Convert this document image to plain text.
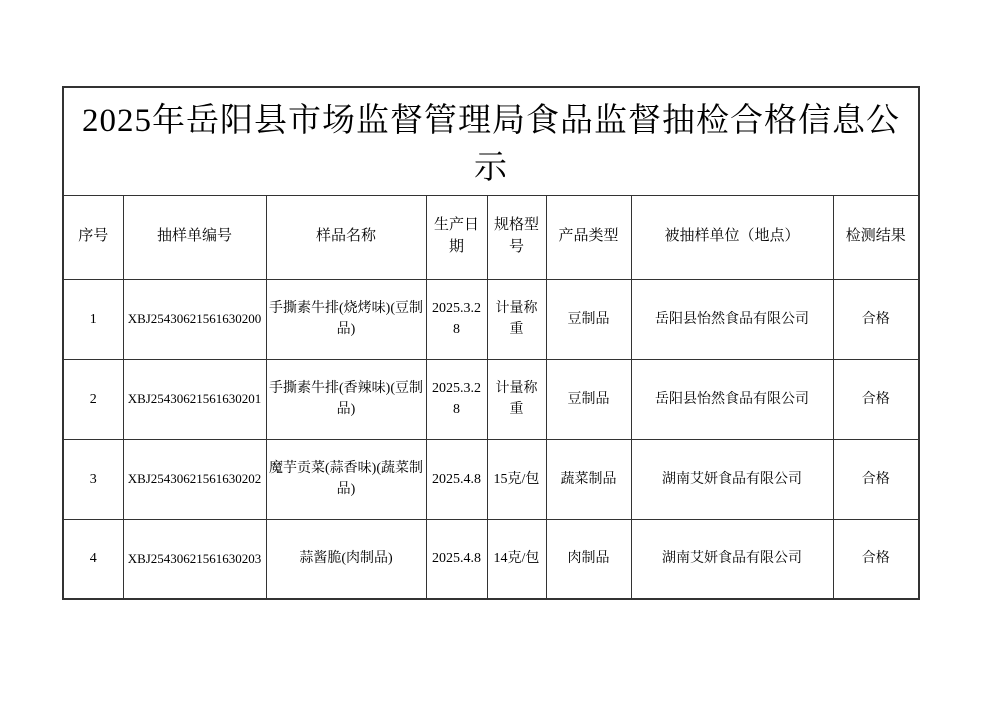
2025年岳阳县市场监督管理局食品监督抽检合格信息公示							
序号	抽样单编号	样品名称	生产日期	规格型号	产品类型	被抽样单位（地点）	检测结果
1	XBJ25430621561630200	手撕素牛排(烧烤味)(豆制品)	2025.3.28	计量称重	豆制品	岳阳县怡然食品有限公司	合格
2	XBJ25430621561630201	手撕素牛排(香辣味)(豆制品)	2025.3.28	计量称重	豆制品	岳阳县怡然食品有限公司	合格
3	XBJ25430621561630202	魔芋贡菜(蒜香味)(蔬菜制品)	2025.4.8	15克/包	蔬菜制品	湖南艾妍食品有限公司	合格
4	XBJ25430621561630203	蒜酱脆(肉制品)	2025.4.8	14克/包	肉制品	湖南艾妍食品有限公司	合格
